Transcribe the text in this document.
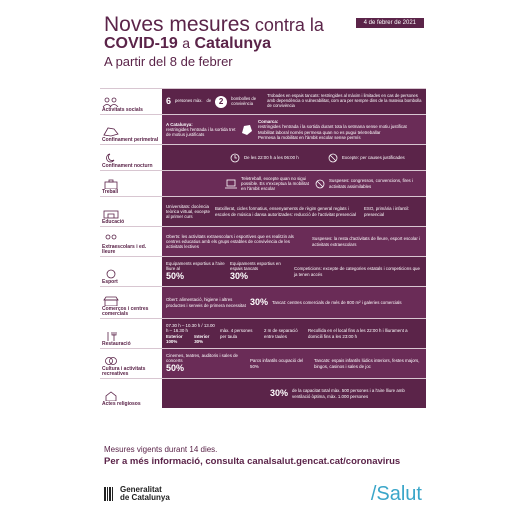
Noves mesures contra la
COVID-19 a Catalunya
A partir del 8 de febrer
4 de febrer de 2021
Activitats socials
6 persones màx. de 2	bombolles de convivència
Trobades en espais tancats: restringides al màxim i limitades en cas de persones amb dependència o vulnerabilitat, com ara per sempre dins de la mateixa bombolla de convivència
Confinament perimetral
A Catalunya:
restringides l'entrada i la sortida tret de motius justificats
Comarca:
restringides l'entrada i la sortida durant tota la setmana sense motiu justificat
Mobilitat laboral només permesa quan no es pugui teletreballar
Permesa la mobilitat en l'àmbit escolar sense permís
Confinament nocturn
De les 22:00 h a les 06:00 h	Excepte: per causes justificades
Treball
Teletreball, excepte quan no sigui possible. Es v'exceptua la mobilitat en l'àmbit escolar
Suspeses: congressos, convencions, fires i activitats assimilables
Educació
Universitats: docència teòrica virtual, excepte al primer curs
Batxillerat, cicles formatius, ensenyaments de règim general reglats i escoles de música i dansa autoritzades: reducció de l'activitat presencial
ESO, primària i infantil: presencial
Extraescolars i ed. lleure
Oberts: les activitats extraescolars i esportives que es realitzin als centres educatius amb els grups estables de convivència de les activitats lectives
Suspeses: la resta d'activitats de lleure, esport escolar i activitats extraescolars
Esport
Equipaments esportius a l'aire lliure al
50%
Equipaments esportius en espais tancats
30%
Competicions: excepte de categories estatals i competicions que ja tenen accés
Comerços i centres comercials
Obert: alimentació, higiene i altres productes i serveis de primera necessitat 30% Tancat: centres comercials de més de 800 m² i galeries comercials
Restauració
07.30 h – 10.30 h / 13.00 h – 16.30 h
Exterior 100%
Interior 30%
màx. 4 persones per taula
2 m de separació entre taules
Recollida en el local fins a les 22:00 h i lliurament a domicili fins a les 23:00 h
Cultura i activitats recreatives
Cinemes, teatres, auditoris i sales de concerts
50%
Parcs infantils ocupació del 50%
Tancats: espais infantils lúdics interiors, festes majors, bingos, casinos i sales de joc
Actes religiosos
30% de la capacitat total màx. 500 persones i a l'aire lliure amb ventilació òptima, màx. 1.000 persones
Mesures vigents durant 14 dies.
Per a més informació, consulta canalsalut.gencat.cat/coronavirus
Generalitat
de Catalunya	/Salut
